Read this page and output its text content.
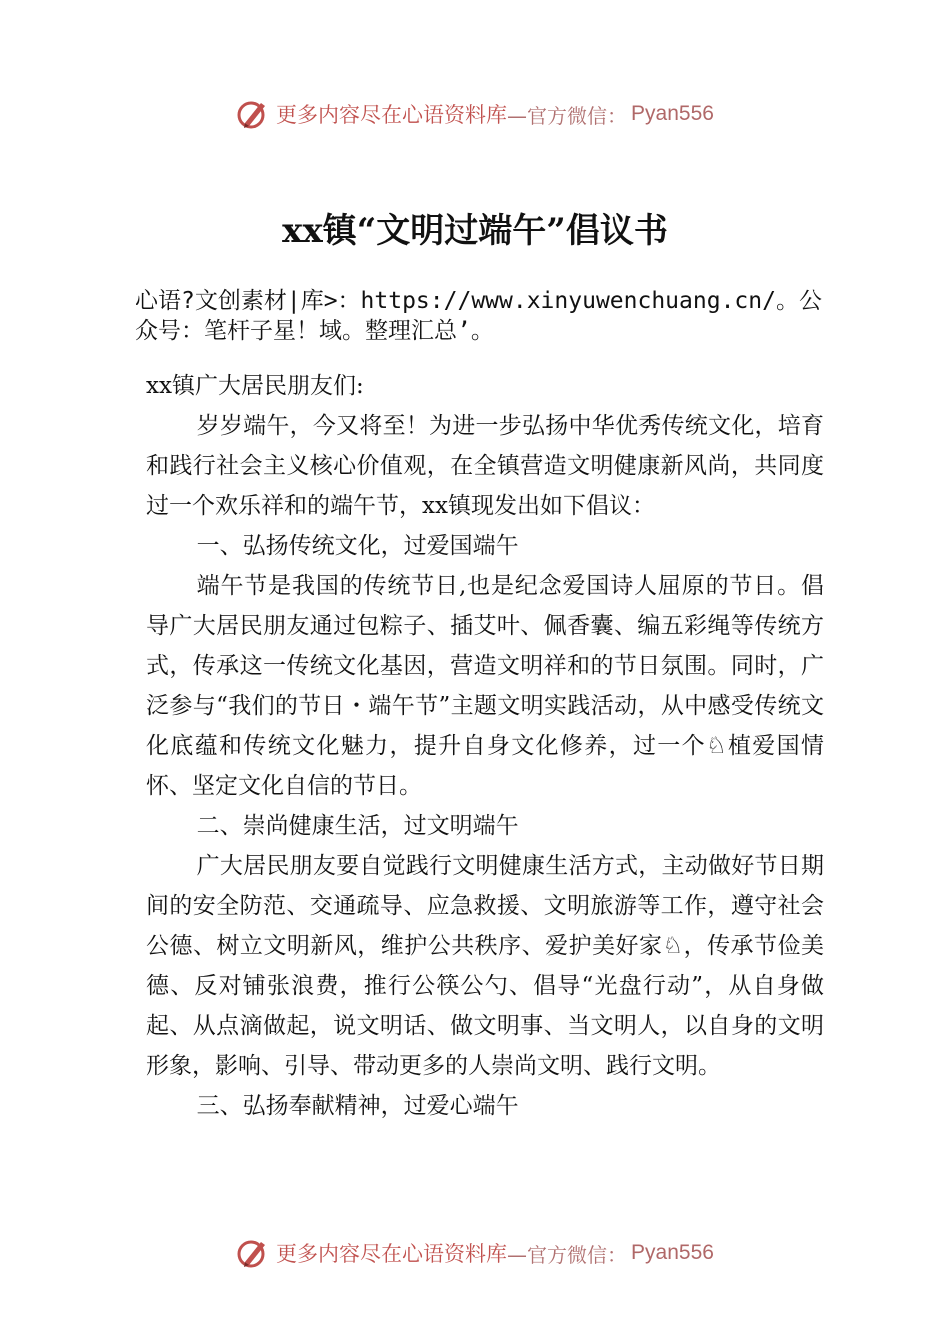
更多内容尽在心语资料库 —官方微信： Pyan556
xx镇“文明过端午”倡议书
心语?文创素材|库>：https://www.xinyuwenchuang.cn/。公众号：笔杆子星！域。整理汇总’。

xx镇广大居民朋友们:

岁岁端午，今又将至！为进一步弘扬中华优秀传统文化，培育和践行社会主义核心价值观，在全镇营造文明健康新风尚，共同度过一个欢乐祥和的端午节，xx镇现发出如下倡议：

一、弘扬传统文化，过爱国端午

端午节是我国的传统节日,也是纪念爱国诗人屈原的节日。倡导广大居民朋友通过包粽子、插艾叶、佩香囊、编五彩绳等传统方式，传承这一传统文化基因，营造文明祥和的节日氛围。同时，广泛参与“我们的节日・端午节”主题文明实践活动，从中感受传统文化底蕴和传统文化魅力，提升自身文化修养，过一个♘植爱国情怀、坚定文化自信的节日。

二、崇尚健康生活，过文明端午

广大居民朋友要自觉践行文明健康生活方式，主动做好节日期间的安全防范、交通疏导、应急救援、文明旅游等工作，遵守社会公德、树立文明新风，维护公共秩序、爱护美好家♘，传承节俭美德、反对铺张浪费，推行公筷公勺、倡导“光盘行动”，从自身做起、从点滴做起，说文明话、做文明事、当文明人，以自身的文明形象，影响、引导、带动更多的人崇尚文明、践行文明。

三、弘扬奉献精神，过爱心端午

更多内容尽在心语资料库 —官方微信： Pyan556
